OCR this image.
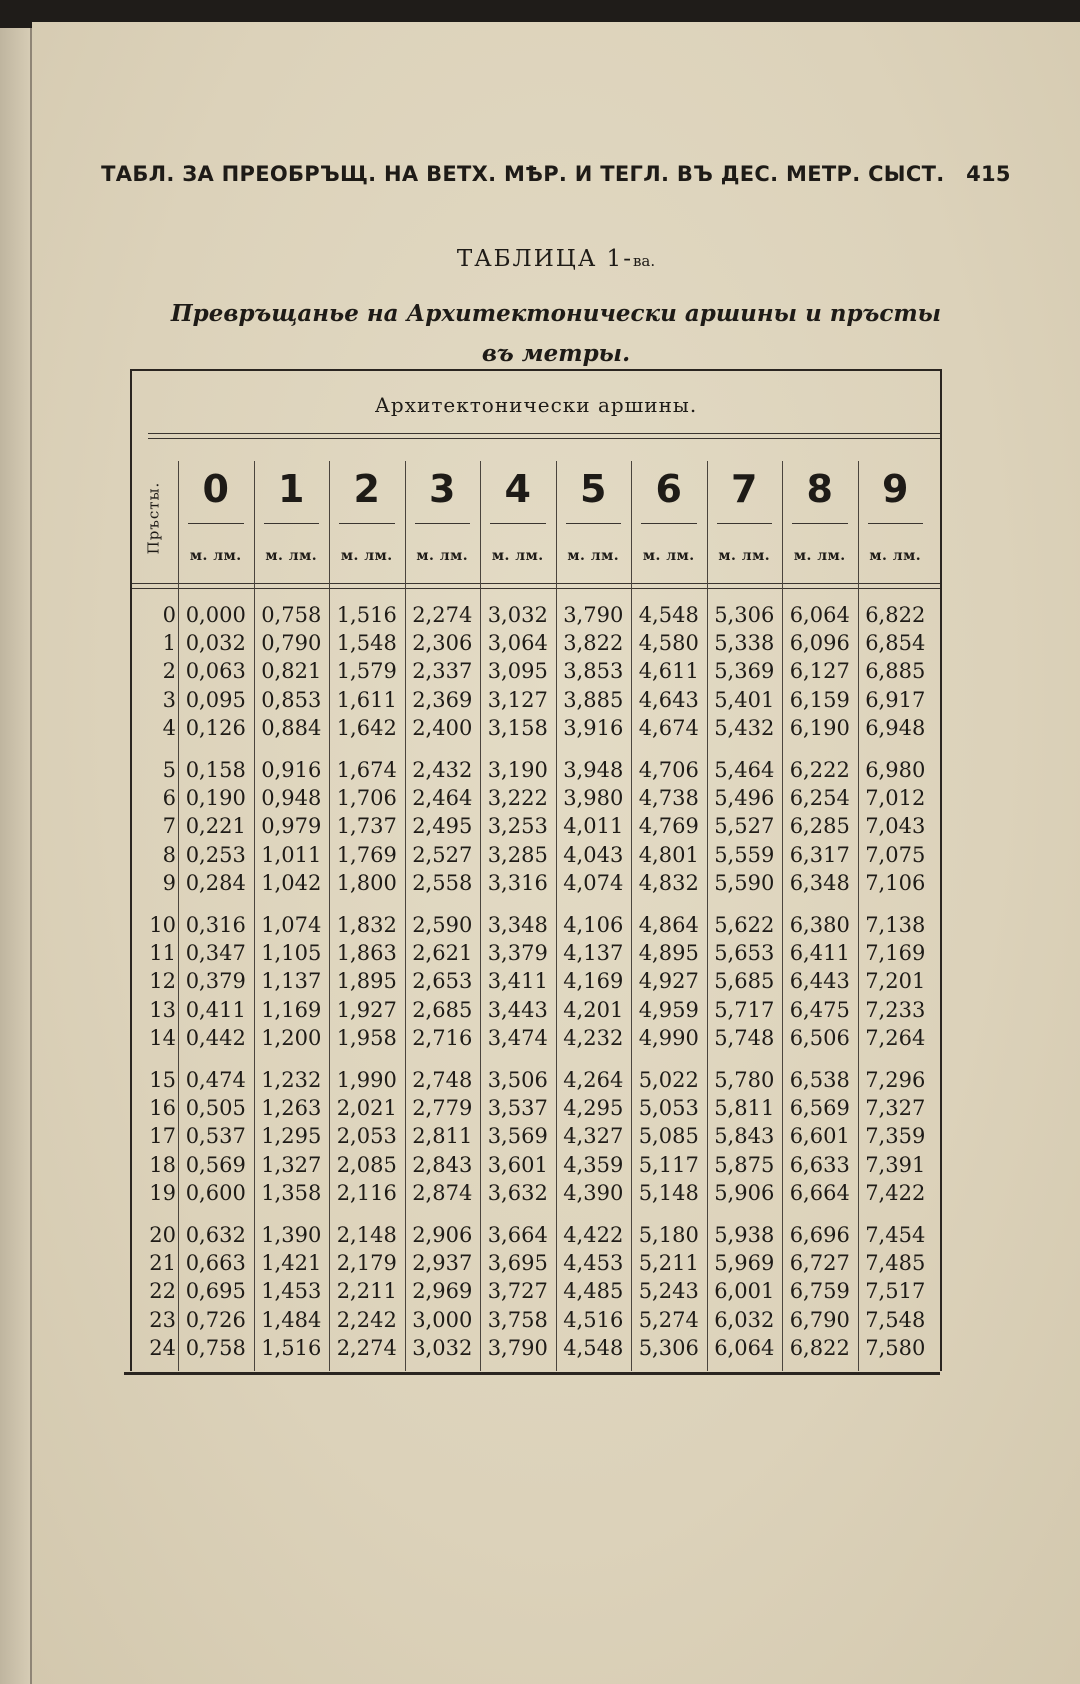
ТАБЛ. ЗА ПРЕОБРЪЩ. НА ВЕТХ. МѢР. И ТЕГЛ. ВЪ ДЕС. МЕТР. СЫСТ. 415
ТАБЛИЦА 1-ва.
Превръщанье на Архитектонически аршины и пръсты
въ метры.
Архитектонически аршины.
Пръсты.	0
м. лм.
1
м. лм.
2
м. лм.
3
м. лм.
4
м. лм.
5
м. лм.
6
м. лм.
7
м. лм.
8
м. лм.
9
м. лм.
0 0,000 0,758 1,516 2,274 3,032 3,790 4,548 5,306 6,064 6,822
1 0,032 0,790 1,548 2,306 3,064 3,822 4,580 5,338 6,096 6,854
2 0,063 0,821 1,579 2,337 3,095 3,853 4,611 5,369 6,127 6,885
3 0,095 0,853 1,611 2,369 3,127 3,885 4,643 5,401 6,159 6,917
4 0,126 0,884 1,642 2,400 3,158 3,916 4,674 5,432 6,190 6,948
5 0,158 0,916 1,674 2,432 3,190 3,948 4,706 5,464 6,222 6,980
6 0,190 0,948 1,706 2,464 3,222 3,980 4,738 5,496 6,254 7,012
7 0,221 0,979 1,737 2,495 3,253 4,011 4,769 5,527 6,285 7,043
8 0,253 1,011 1,769 2,527 3,285 4,043 4,801 5,559 6,317 7,075
9 0,284 1,042 1,800 2,558 3,316 4,074 4,832 5,590 6,348 7,106
10 0,316 1,074 1,832 2,590 3,348 4,106 4,864 5,622 6,380 7,138
11 0,347 1,105 1,863 2,621 3,379 4,137 4,895 5,653 6,411 7,169
12 0,379 1,137 1,895 2,653 3,411 4,169 4,927 5,685 6,443 7,201
13 0,411 1,169 1,927 2,685 3,443 4,201 4,959 5,717 6,475 7,233
14 0,442 1,200 1,958 2,716 3,474 4,232 4,990 5,748 6,506 7,264
15 0,474 1,232 1,990 2,748 3,506 4,264 5,022 5,780 6,538 7,296
16 0,505 1,263 2,021 2,779 3,537 4,295 5,053 5,811 6,569 7,327
17 0,537 1,295 2,053 2,811 3,569 4,327 5,085 5,843 6,601 7,359
18 0,569 1,327 2,085 2,843 3,601 4,359 5,117 5,875 6,633 7,391
19 0,600 1,358 2,116 2,874 3,632 4,390 5,148 5,906 6,664 7,422
20 0,632 1,390 2,148 2,906 3,664 4,422 5,180 5,938 6,696 7,454
21 0,663 1,421 2,179 2,937 3,695 4,453 5,211 5,969 6,727 7,485
22 0,695 1,453 2,211 2,969 3,727 4,485 5,243 6,001 6,759 7,517
23 0,726 1,484 2,242 3,000 3,758 4,516 5,274 6,032 6,790 7,548
24 0,758 1,516 2,274 3,032 3,790 4,548 5,306 6,064 6,822 7,580
